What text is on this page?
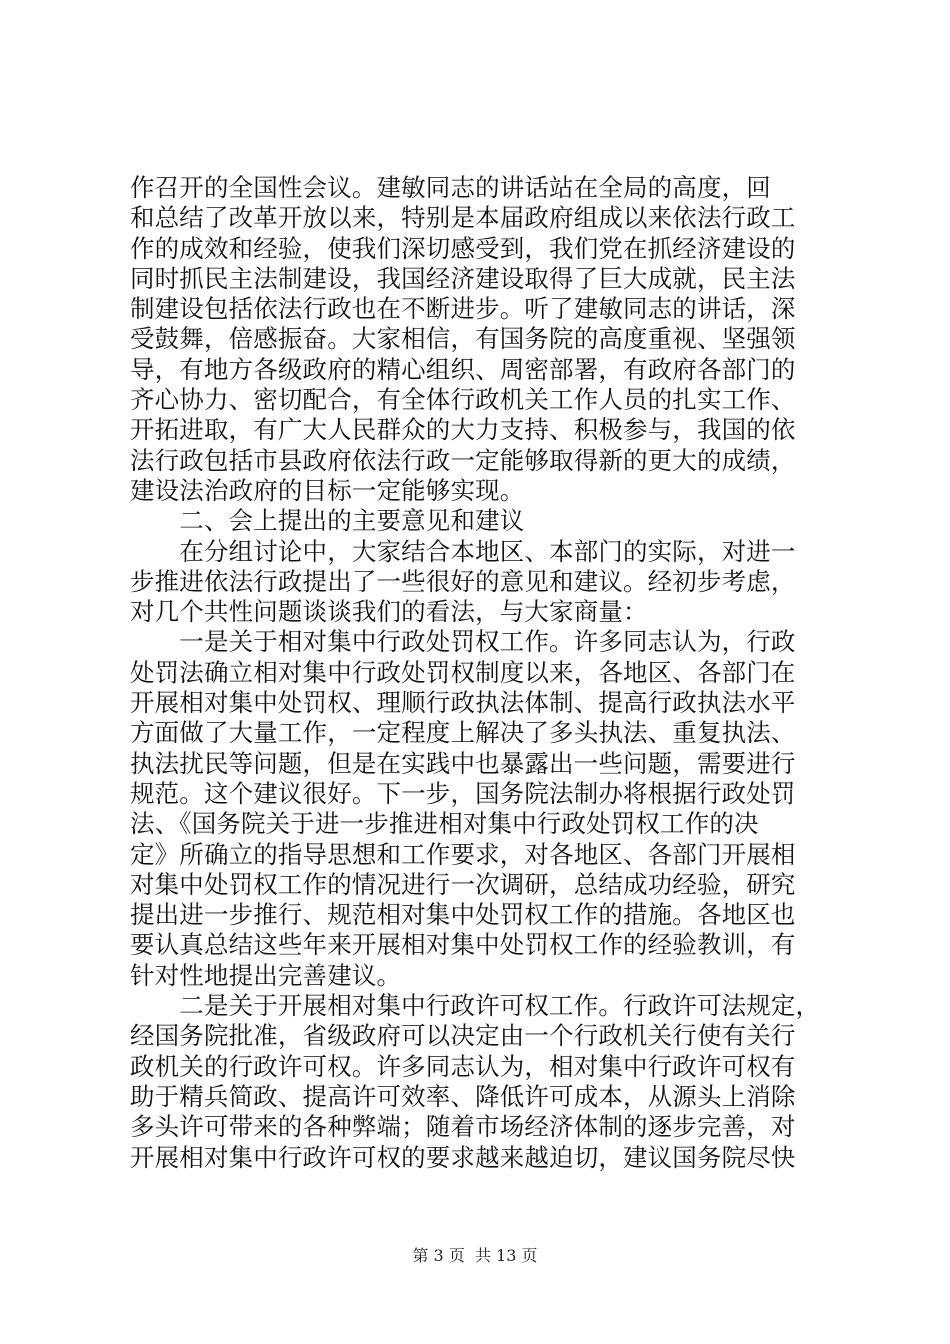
作召开的全国性会议。建敏同志的讲话站在全局的高度，回
和总结了改革开放以来，特别是本届政府组成以来依法行政工
作的成效和经验，使我们深切感受到，我们党在抓经济建设的
同时抓民主法制建设，我国经济建设取得了巨大成就，民主法
制建设包括依法行政也在不断进步。听了建敏同志的讲话，深
受鼓舞，倍感振奋。大家相信，有国务院的高度重视、坚强领
导，有地方各级政府的精心组织、周密部署，有政府各部门的
齐心协力、密切配合，有全体行政机关工作人员的扎实工作、
开拓进取，有广大人民群众的大力支持、积极参与，我国的依
法行政包括市县政府依法行政一定能够取得新的更大的成绩，
建设法治政府的目标一定能够实现。
　　二、会上提出的主要意见和建议
　　在分组讨论中，大家结合本地区、本部门的实际，对进一
步推进依法行政提出了一些很好的意见和建议。经初步考虑，
对几个共性问题谈谈我们的看法，与大家商量：
　　一是关于相对集中行政处罚权工作。许多同志认为，行政
处罚法确立相对集中行政处罚权制度以来，各地区、各部门在
开展相对集中处罚权、理顺行政执法体制、提高行政执法水平
方面做了大量工作，一定程度上解决了多头执法、重复执法、
执法扰民等问题，但是在实践中也暴露出一些问题，需要进行
规范。这个建议很好。下一步，国务院法制办将根据行政处罚
法、《国务院关于进一步推进相对集中行政处罚权工作的决
定》所确立的指导思想和工作要求，对各地区、各部门开展相
对集中处罚权工作的情况进行一次调研，总结成功经验，研究
提出进一步推行、规范相对集中处罚权工作的措施。各地区也
要认真总结这些年来开展相对集中处罚权工作的经验教训，有
针对性地提出完善建议。
　　二是关于开展相对集中行政许可权工作。行政许可法规定，
经国务院批准，省级政府可以决定由一个行政机关行使有关行
政机关的行政许可权。许多同志认为，相对集中行政许可权有
助于精兵简政、提高许可效率、降低许可成本，从源头上消除
多头许可带来的各种弊端；随着市场经济体制的逐步完善，对
开展相对集中行政许可权的要求越来越迫切，建议国务院尽快
第 3 页  共 13 页
